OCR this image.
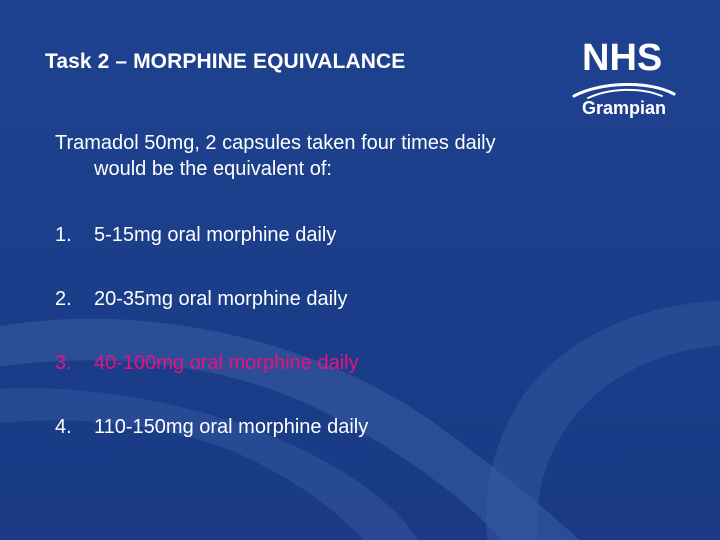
Task 2 – MORPHINE EQUIVALANCE	NHS
Grampian
Tramadol 50mg, 2 capsules taken four times daily
would be the equivalent of:
1. 5-15mg oral morphine daily
2. 20-35mg oral morphine daily
3. 40-100mg oral morphine daily
4. 110-150mg oral morphine daily
